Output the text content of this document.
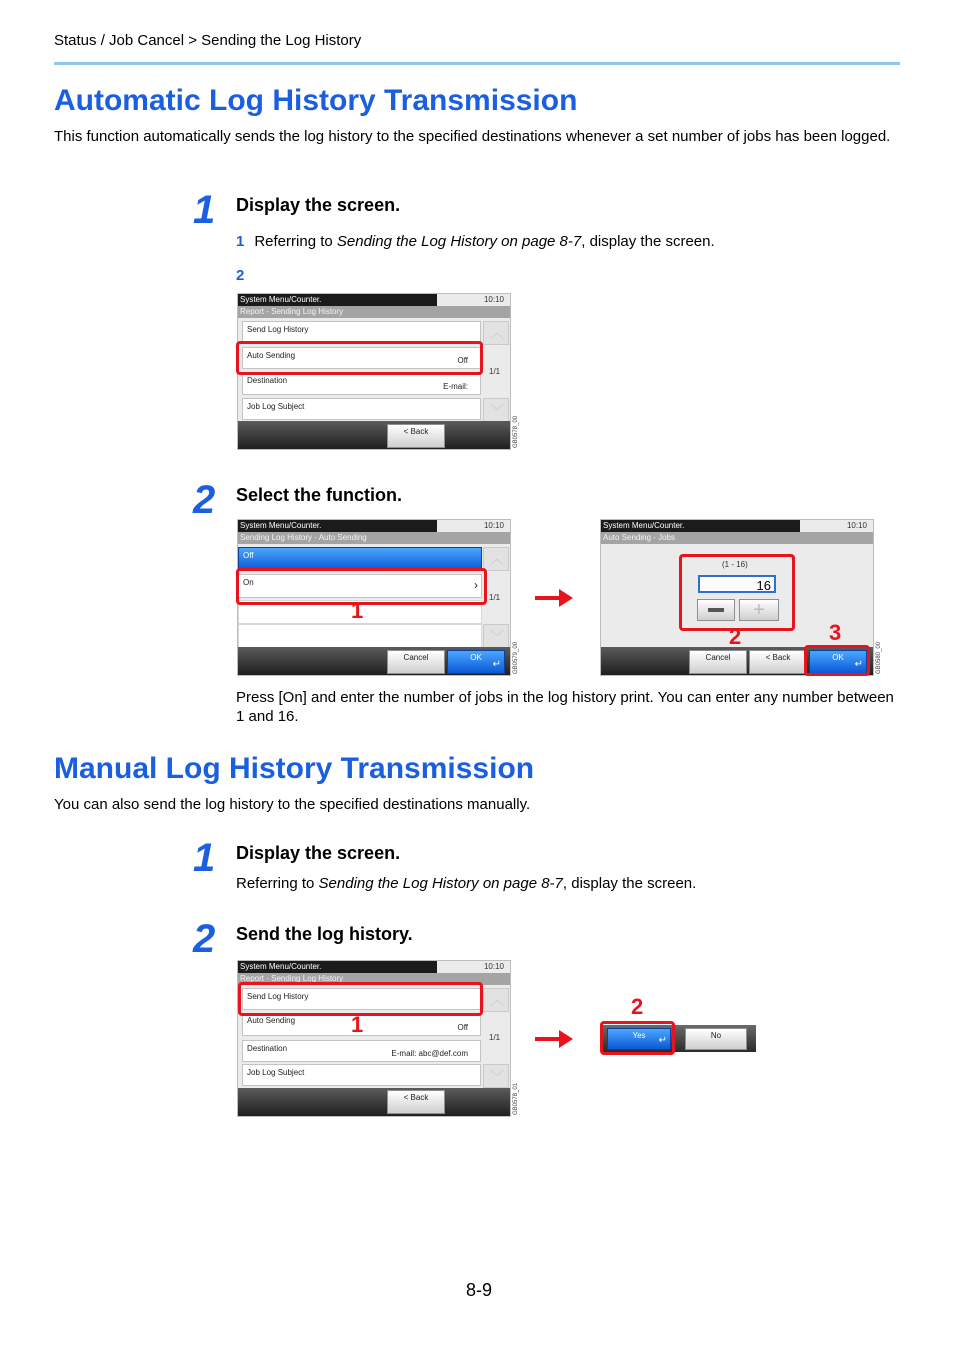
Status / Job Cancel > Sending the Log History
Automatic Log History Transmission
This function automatically sends the log history to the specified destinations whenever a set number of jobs has been logged.
1 Display the screen.
1 Referring to Sending the Log History on page 8-7, display the screen.
2
System Menu/Counter.	10:10
Report - Sending Log History
Send Log History
Auto Sending
Off
Destination
E-mail:
Job Log Subject
︿
1/1
﹀
< Back	GB0578_00
2 Select the function.
System Menu/Counter.	10:10
Sending Log History - Auto Sending
Off
On	›
︿
1/1
﹀
Cancel	OK
↵ GB0579_00
1
System Menu/Counter.	10:10
Auto Sending - Jobs
(1 - 16)
16
+
Cancel	< Back	OK
↵ GB0580_00
2	3
Press [On] and enter the number of jobs in the log history print. You can enter any number between 1 and 16.
Manual Log History Transmission
You can also send the log history to the specified destinations manually.
1 Display the screen.
Referring to Sending the Log History on page 8-7, display the screen.
2 Send the log history.
System Menu/Counter.	10:10
Report - Sending Log History
Send Log History
Auto Sending
Off
Destination
E-mail: abc@def.com
Job Log Subject
︿
1/1
﹀
< Back	GB0578_01
1	Yes ↵	No
2
8-9
